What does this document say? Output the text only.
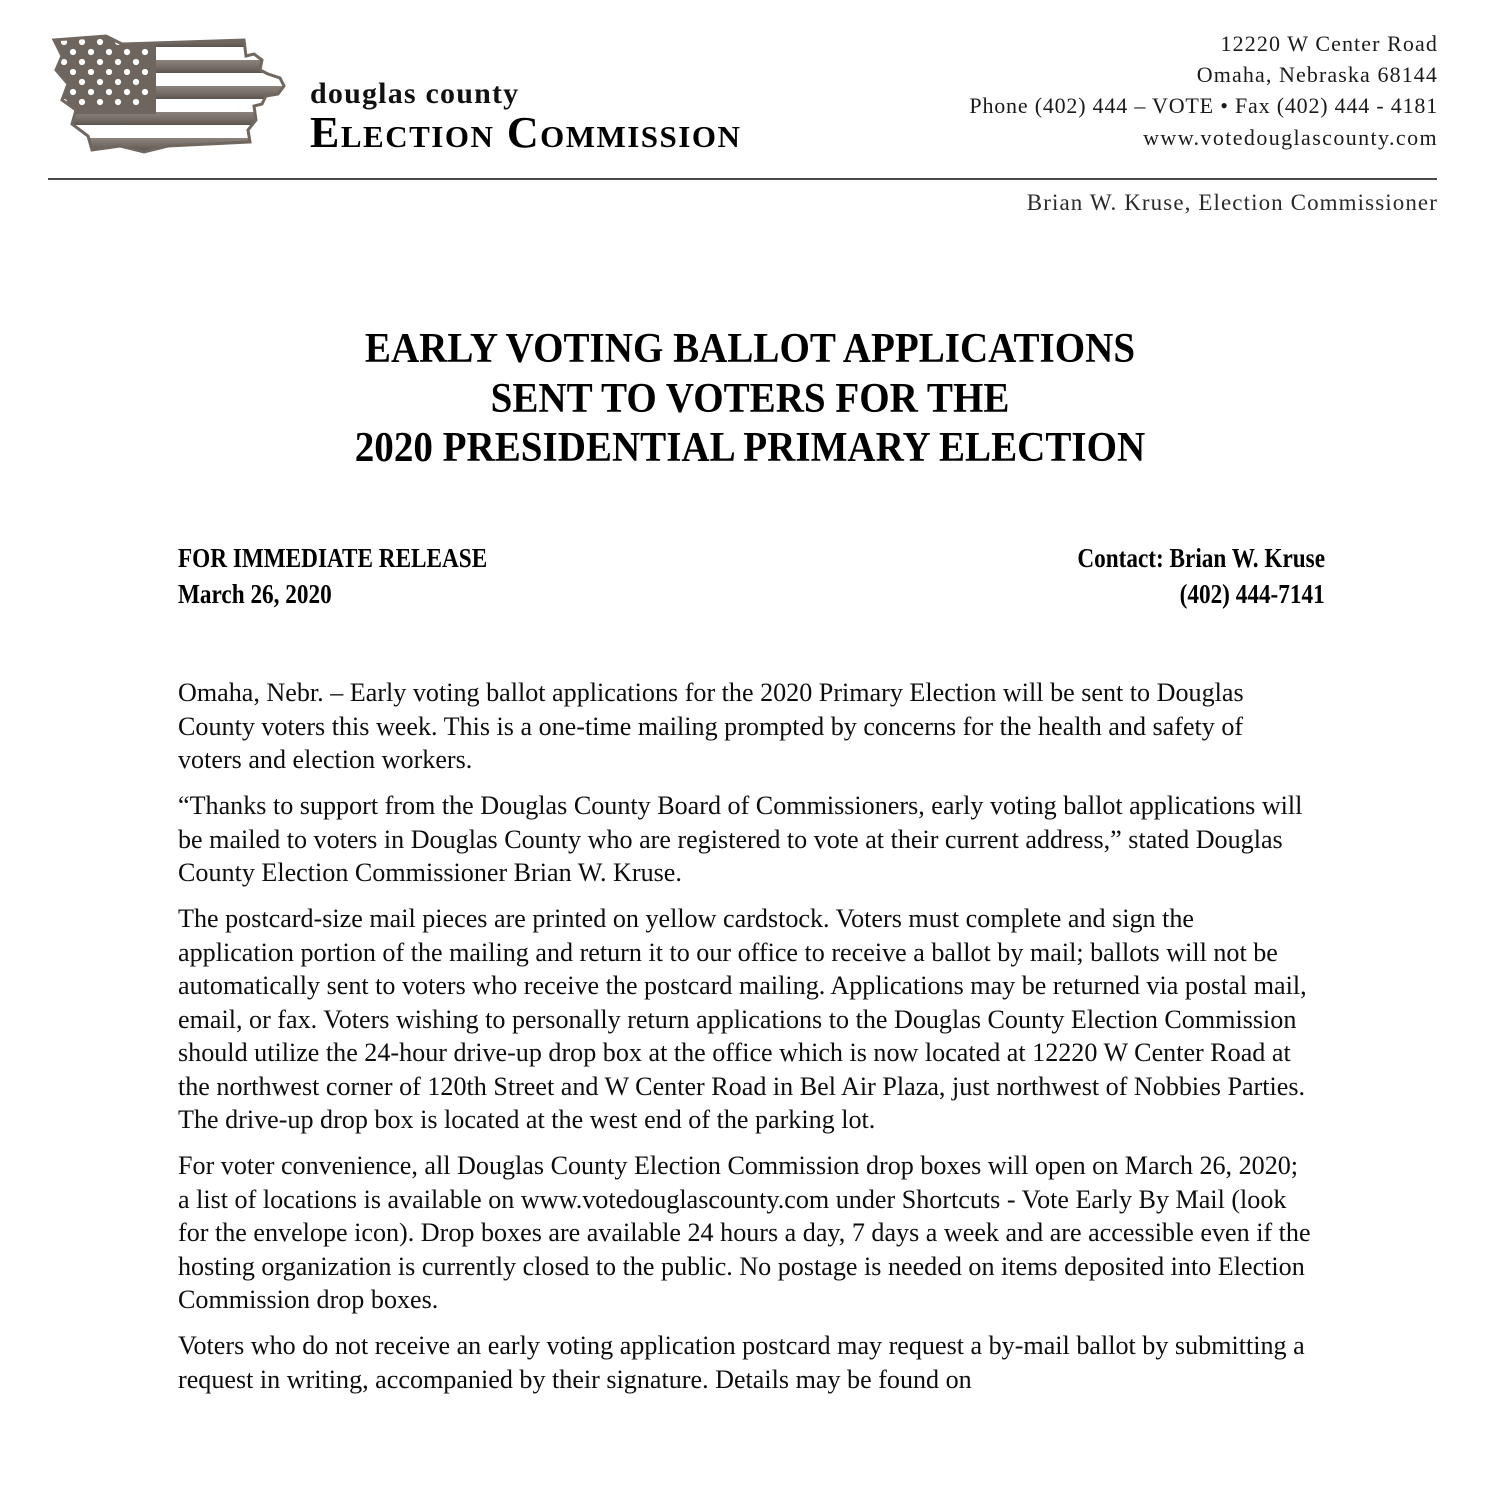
douglas county
Election Commission
12220 W Center Road
Omaha, Nebraska 68144
Phone (402) 444 – VOTE • Fax (402) 444 - 4181
www.votedouglascounty.com
Brian W. Kruse, Election Commissioner
EARLY VOTING BALLOT APPLICATIONS
SENT TO VOTERS FOR THE
2020 PRESIDENTIAL PRIMARY ELECTION
FOR IMMEDIATE RELEASE	Contact: Brian W. Kruse
March 26, 2020	(402) 444-7141

Omaha, Nebr. – Early voting ballot applications for the 2020 Primary Election will be sent to Douglas County voters this week. This is a one-time mailing prompted by concerns for the health and safety of voters and election workers.

“Thanks to support from the Douglas County Board of Commissioners, early voting ballot applications will be mailed to voters in Douglas County who are registered to vote at their current address,” stated Douglas County Election Commissioner Brian W. Kruse.

The postcard-size mail pieces are printed on yellow cardstock. Voters must complete and sign the application portion of the mailing and return it to our office to receive a ballot by mail; ballots will not be automatically sent to voters who receive the postcard mailing. Applications may be returned via postal mail, email, or fax. Voters wishing to personally return applications to the Douglas County Election Commission should utilize the 24-hour drive-up drop box at the office which is now located at 12220 W Center Road at the northwest corner of 120th Street and W Center Road in Bel Air Plaza, just northwest of Nobbies Parties. The drive-up drop box is located at the west end of the parking lot.

For voter convenience, all Douglas County Election Commission drop boxes will open on March 26, 2020; a list of locations is available on www.votedouglascounty.com under Shortcuts - Vote Early By Mail (look for the envelope icon). Drop boxes are available 24 hours a day, 7 days a week and are accessible even if the hosting organization is currently closed to the public. No postage is needed on items deposited into Election Commission drop boxes.

Voters who do not receive an early voting application postcard may request a by-mail ballot by submitting a request in writing, accompanied by their signature. Details may be found on
